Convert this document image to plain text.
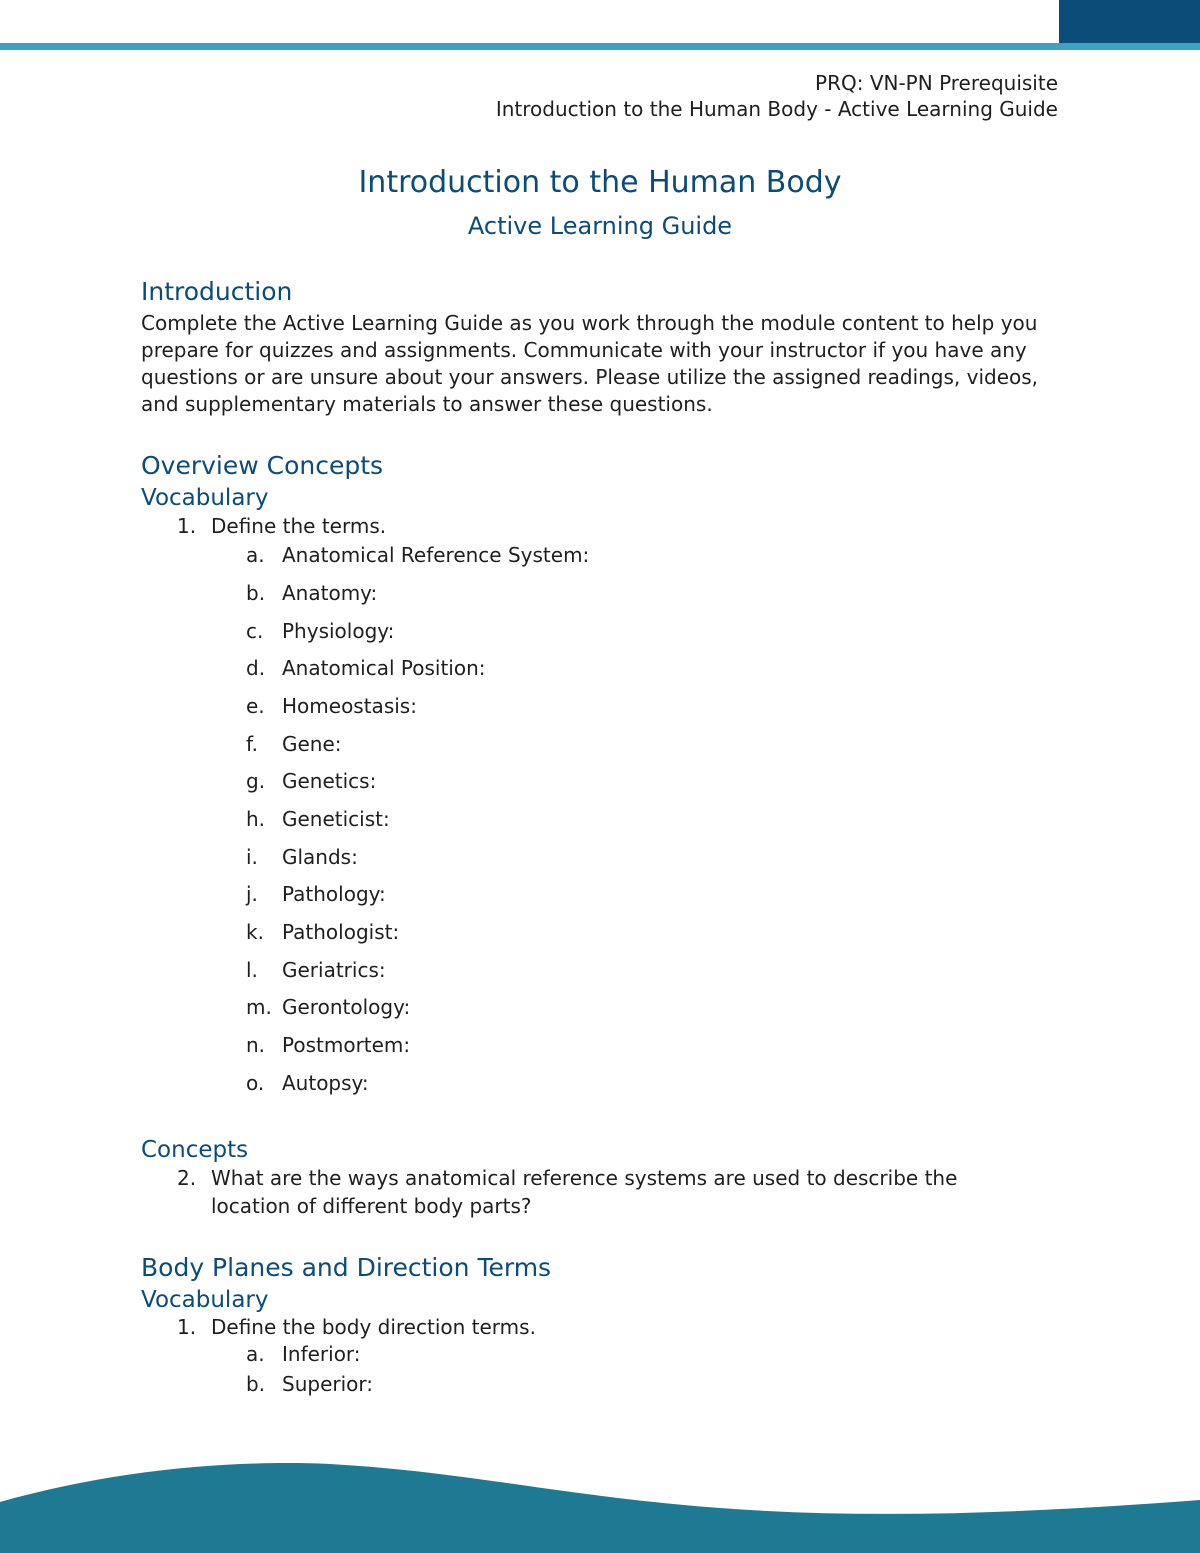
PRQ: VN-PN Prerequisite
Introduction to the Human Body - Active Learning Guide
Introduction to the Human Body
Active Learning Guide
Introduction
Complete the Active Learning Guide as you work through the module content to help you prepare for quizzes and assignments. Communicate with your instructor if you have any questions or are unsure about your answers. Please utilize the assigned readings, videos, and supplementary materials to answer these questions.
Overview Concepts
Vocabulary
1. Define the terms.
a. Anatomical Reference System:
b. Anatomy:
c. Physiology:
d. Anatomical Position:
e. Homeostasis:
f. Gene:
g. Genetics:
h. Geneticist:
i. Glands:
j. Pathology:
k. Pathologist:
l. Geriatrics:
m. Gerontology:
n. Postmortem:
o. Autopsy:
Concepts
2. What are the ways anatomical reference systems are used to describe the
location of different body parts?
Body Planes and Direction Terms
Vocabulary
1. Define the body direction terms.
a. Inferior:
b. Superior:
